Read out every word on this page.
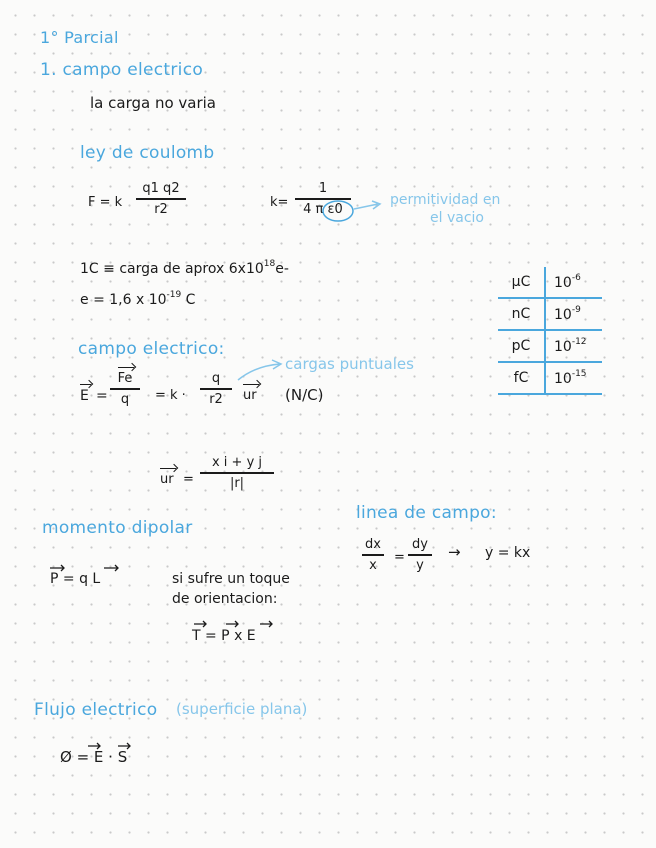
1° Parcial
1. campo electrico
la carga no varia
ley de coulomb
F = k
q1 q2
r2	k=
1
4 π ε0
permitividad en
el vacio
1C ≡ carga de aprox $6x10^{18}e-$
e = 1,6 x $10^{-19}$ C
μC	$10^{-6}$
nC	$10^{-9}$
pC	$10^{-12}$
fC	$10^{-15}$
campo electrico:
cargas puntuales
E =
Fe
q = k ·
q
r2 ur (N/C)
ur =
x i + y j
|r|
linea de campo:
dx
x =
dy
y
→ y = kx
momento dipolar
P = q L	si sufre un toque
de orientacion:
T = P x E
Flujo electrico (superficie plana)
Ø = E · S
